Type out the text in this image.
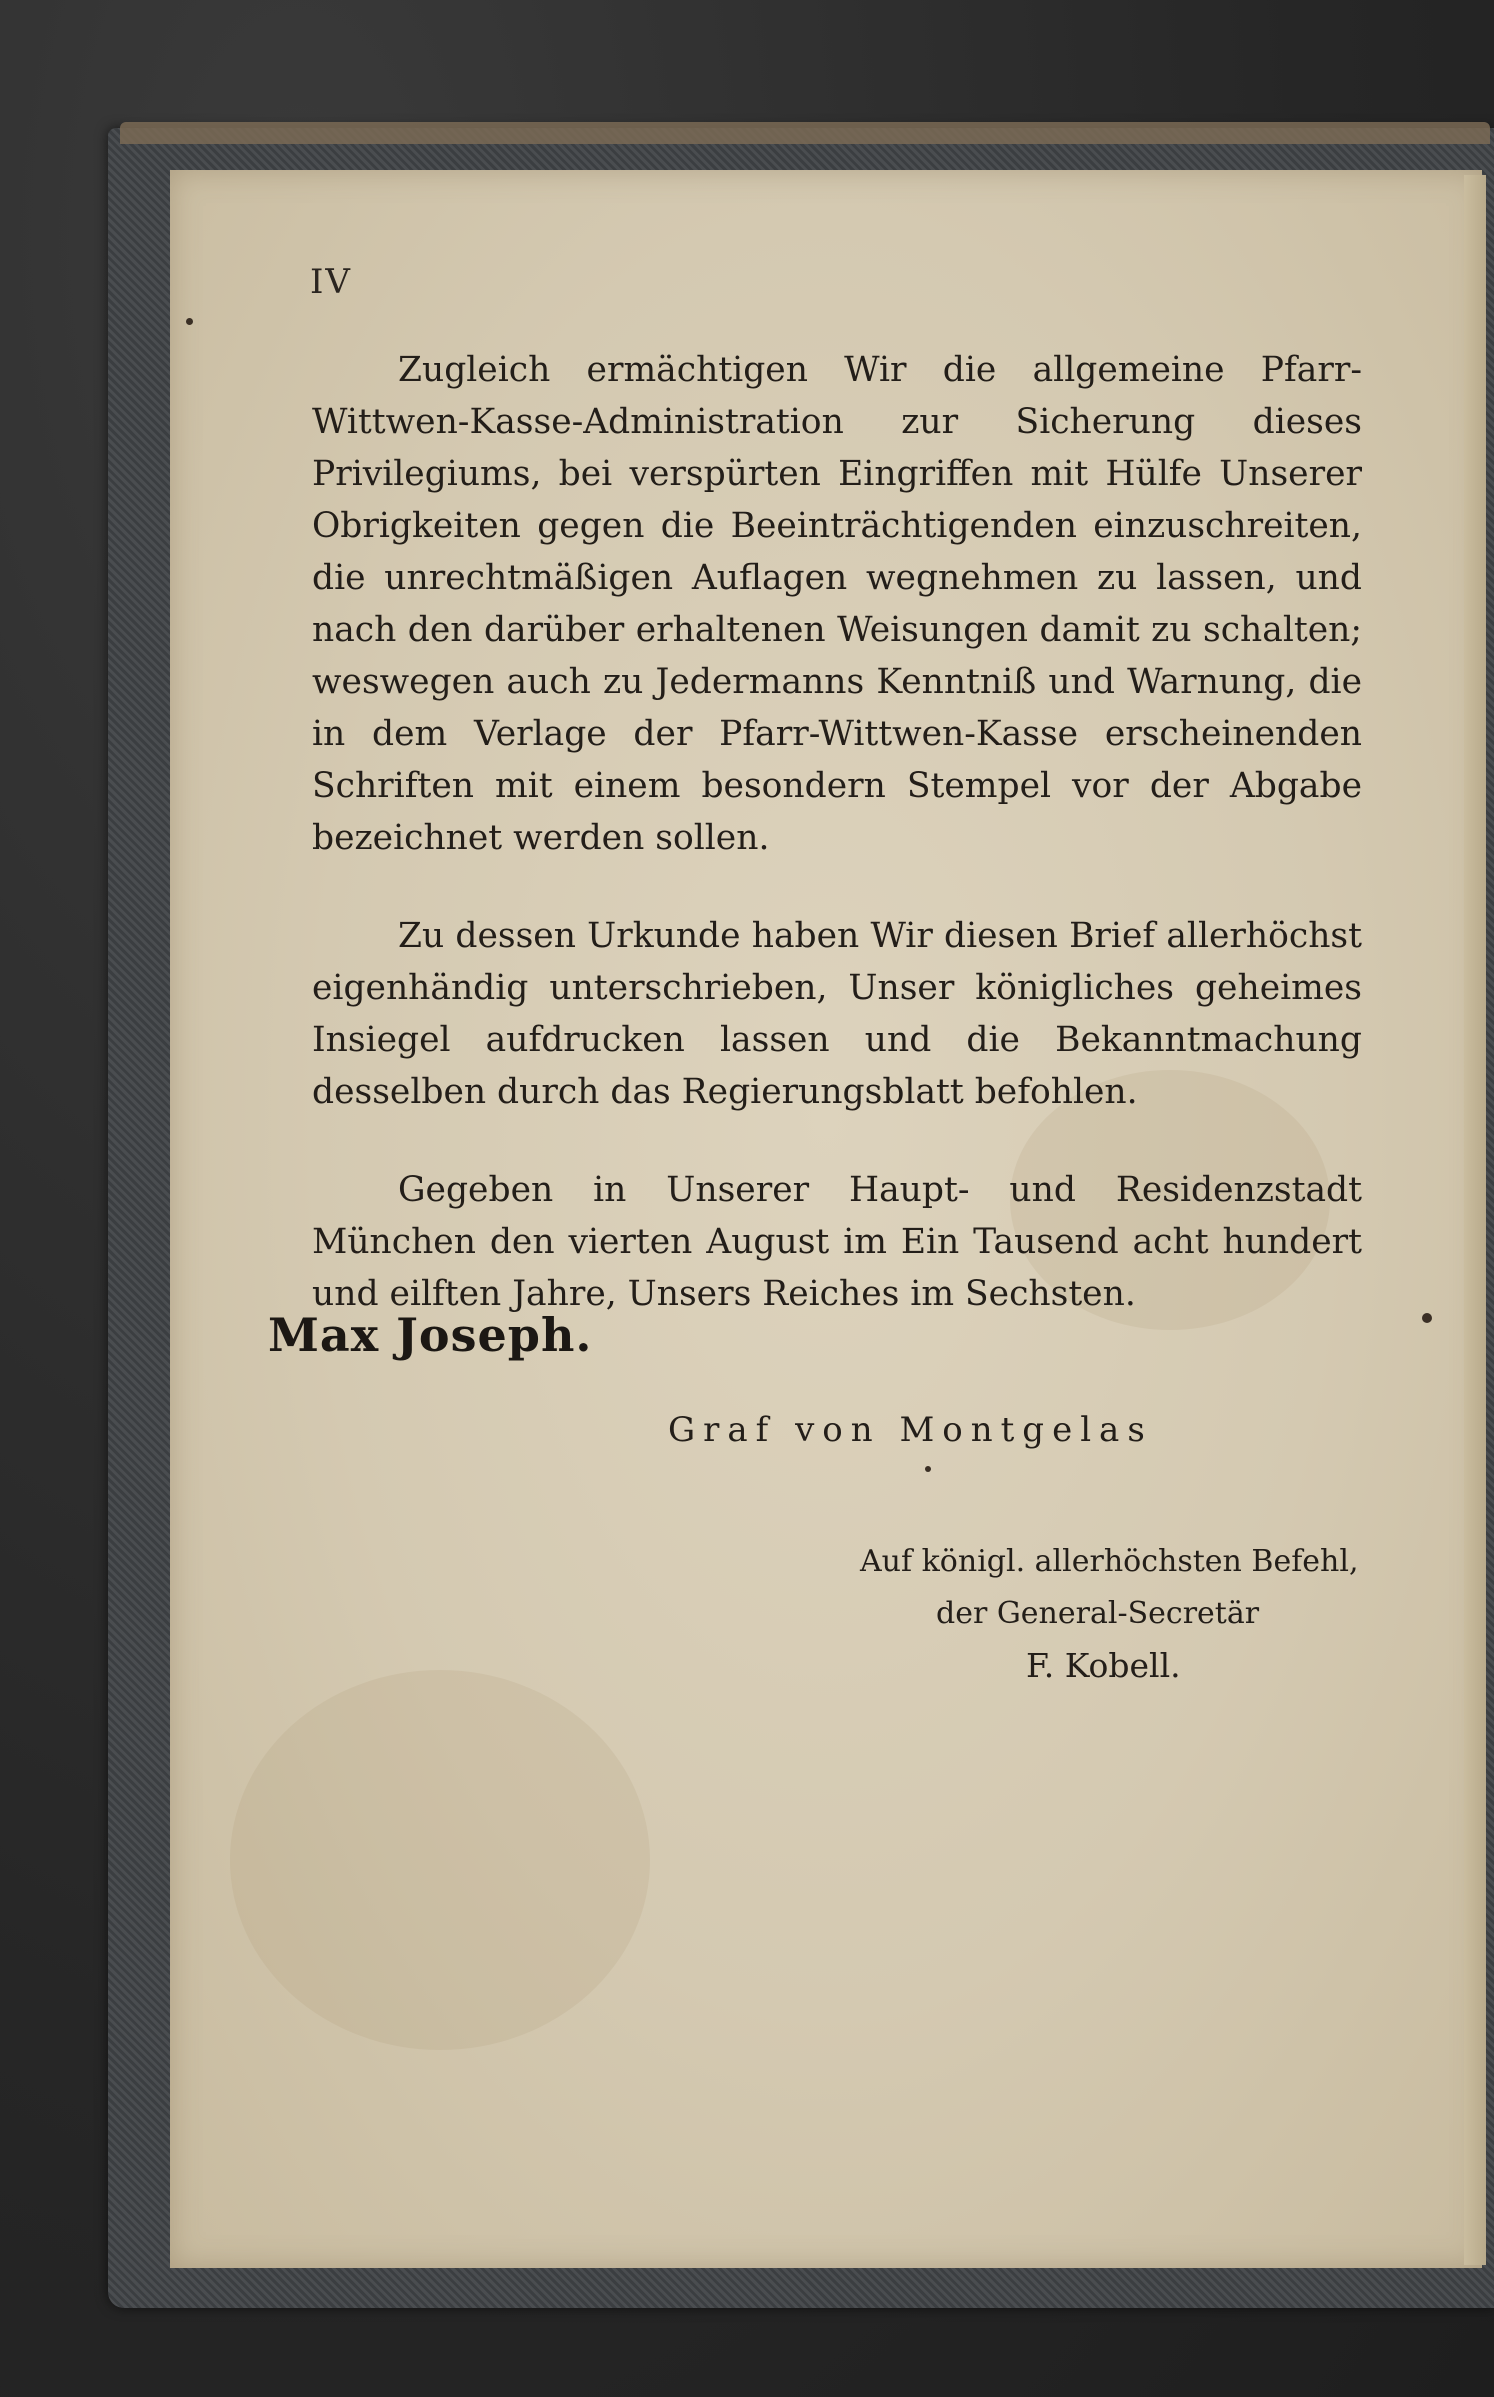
IV

Zugleich ermächtigen Wir die allgemeine Pfarr-Wittwen-Kasse-Administration zur Sicherung dieses Privilegiums, bei verspürten Eingriffen mit Hülfe Unserer Obrigkeiten gegen die Beeinträchtigenden einzuschreiten, die unrechtmäßigen Auflagen wegnehmen zu lassen, und nach den darüber erhaltenen Weisungen damit zu schalten; weswegen auch zu Jedermanns Kenntniß und Warnung, die in dem Verlage der Pfarr-Wittwen-Kasse erscheinenden Schriften mit einem besondern Stempel vor der Abgabe bezeichnet werden sollen.

Zu dessen Urkunde haben Wir diesen Brief allerhöchst eigenhändig unterschrieben, Unser königliches geheimes Insiegel aufdrucken lassen und die Bekanntmachung desselben durch das Regierungsblatt befohlen.

Gegeben in Unserer Haupt- und Residenzstadt München den vierten August im Ein Tausend acht hundert und eilften Jahre, Unsers Reiches im Sechsten.

Max Joseph.
Graf von Montgelas
Auf königl. allerhöchsten Befehl,
der General-Secretär
F. Kobell.
